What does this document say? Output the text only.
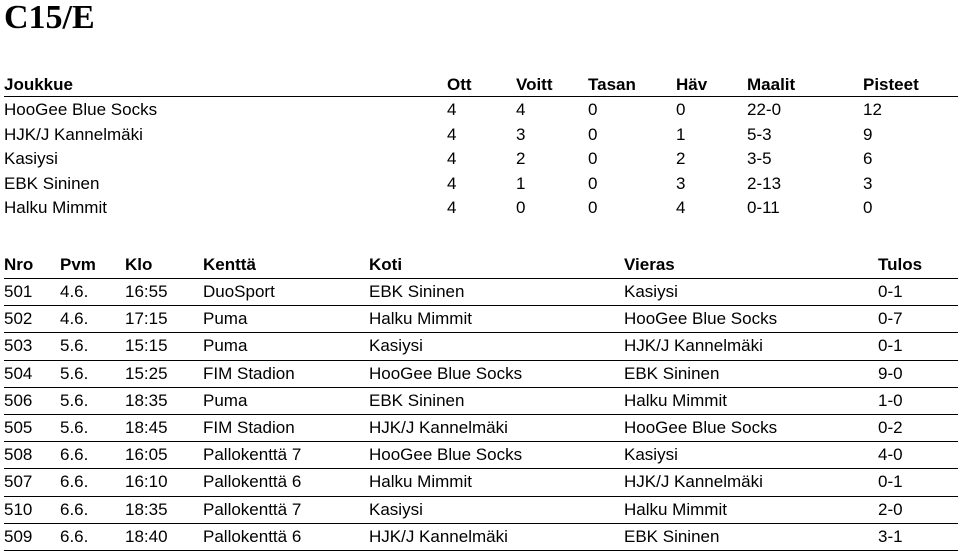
C15/E
Joukkue	Ott	Voitt Tasan Häv Maalit	Pisteet
HooGee Blue Socks	4	4	0	0	22-0	12
HJK/J Kannelmäki	4	3	0	1	5-3	9
Kasiysi	4	2	0	2	3-5	6
EBK Sininen	4	1	0	3	2-13	3
Halku Mimmit	4	0	0	4	0-11	0
Nro Pvm Klo	Kenttä	Koti	Vieras	Tulos
501 4.6. 16:55 DuoSport	EBK Sininen	Kasiysi	0-1
502 4.6. 17:15 Puma	Halku Mimmit	HooGee Blue Socks	0-7
503 5.6. 15:15 Puma	Kasiysi	HJK/J Kannelmäki	0-1
504 5.6. 15:25 FIM Stadion	HooGee Blue Socks	EBK Sininen	9-0
506 5.6. 18:35 Puma	EBK Sininen	Halku Mimmit	1-0
505 5.6. 18:45 FIM Stadion	HJK/J Kannelmäki	HooGee Blue Socks	0-2
508 6.6. 16:05 Pallokenttä 7	HooGee Blue Socks	Kasiysi	4-0
507 6.6. 16:10 Pallokenttä 6	Halku Mimmit	HJK/J Kannelmäki	0-1
510 6.6. 18:35 Pallokenttä 7	Kasiysi	Halku Mimmit	2-0
509 6.6. 18:40 Pallokenttä 6	HJK/J Kannelmäki	EBK Sininen	3-1
